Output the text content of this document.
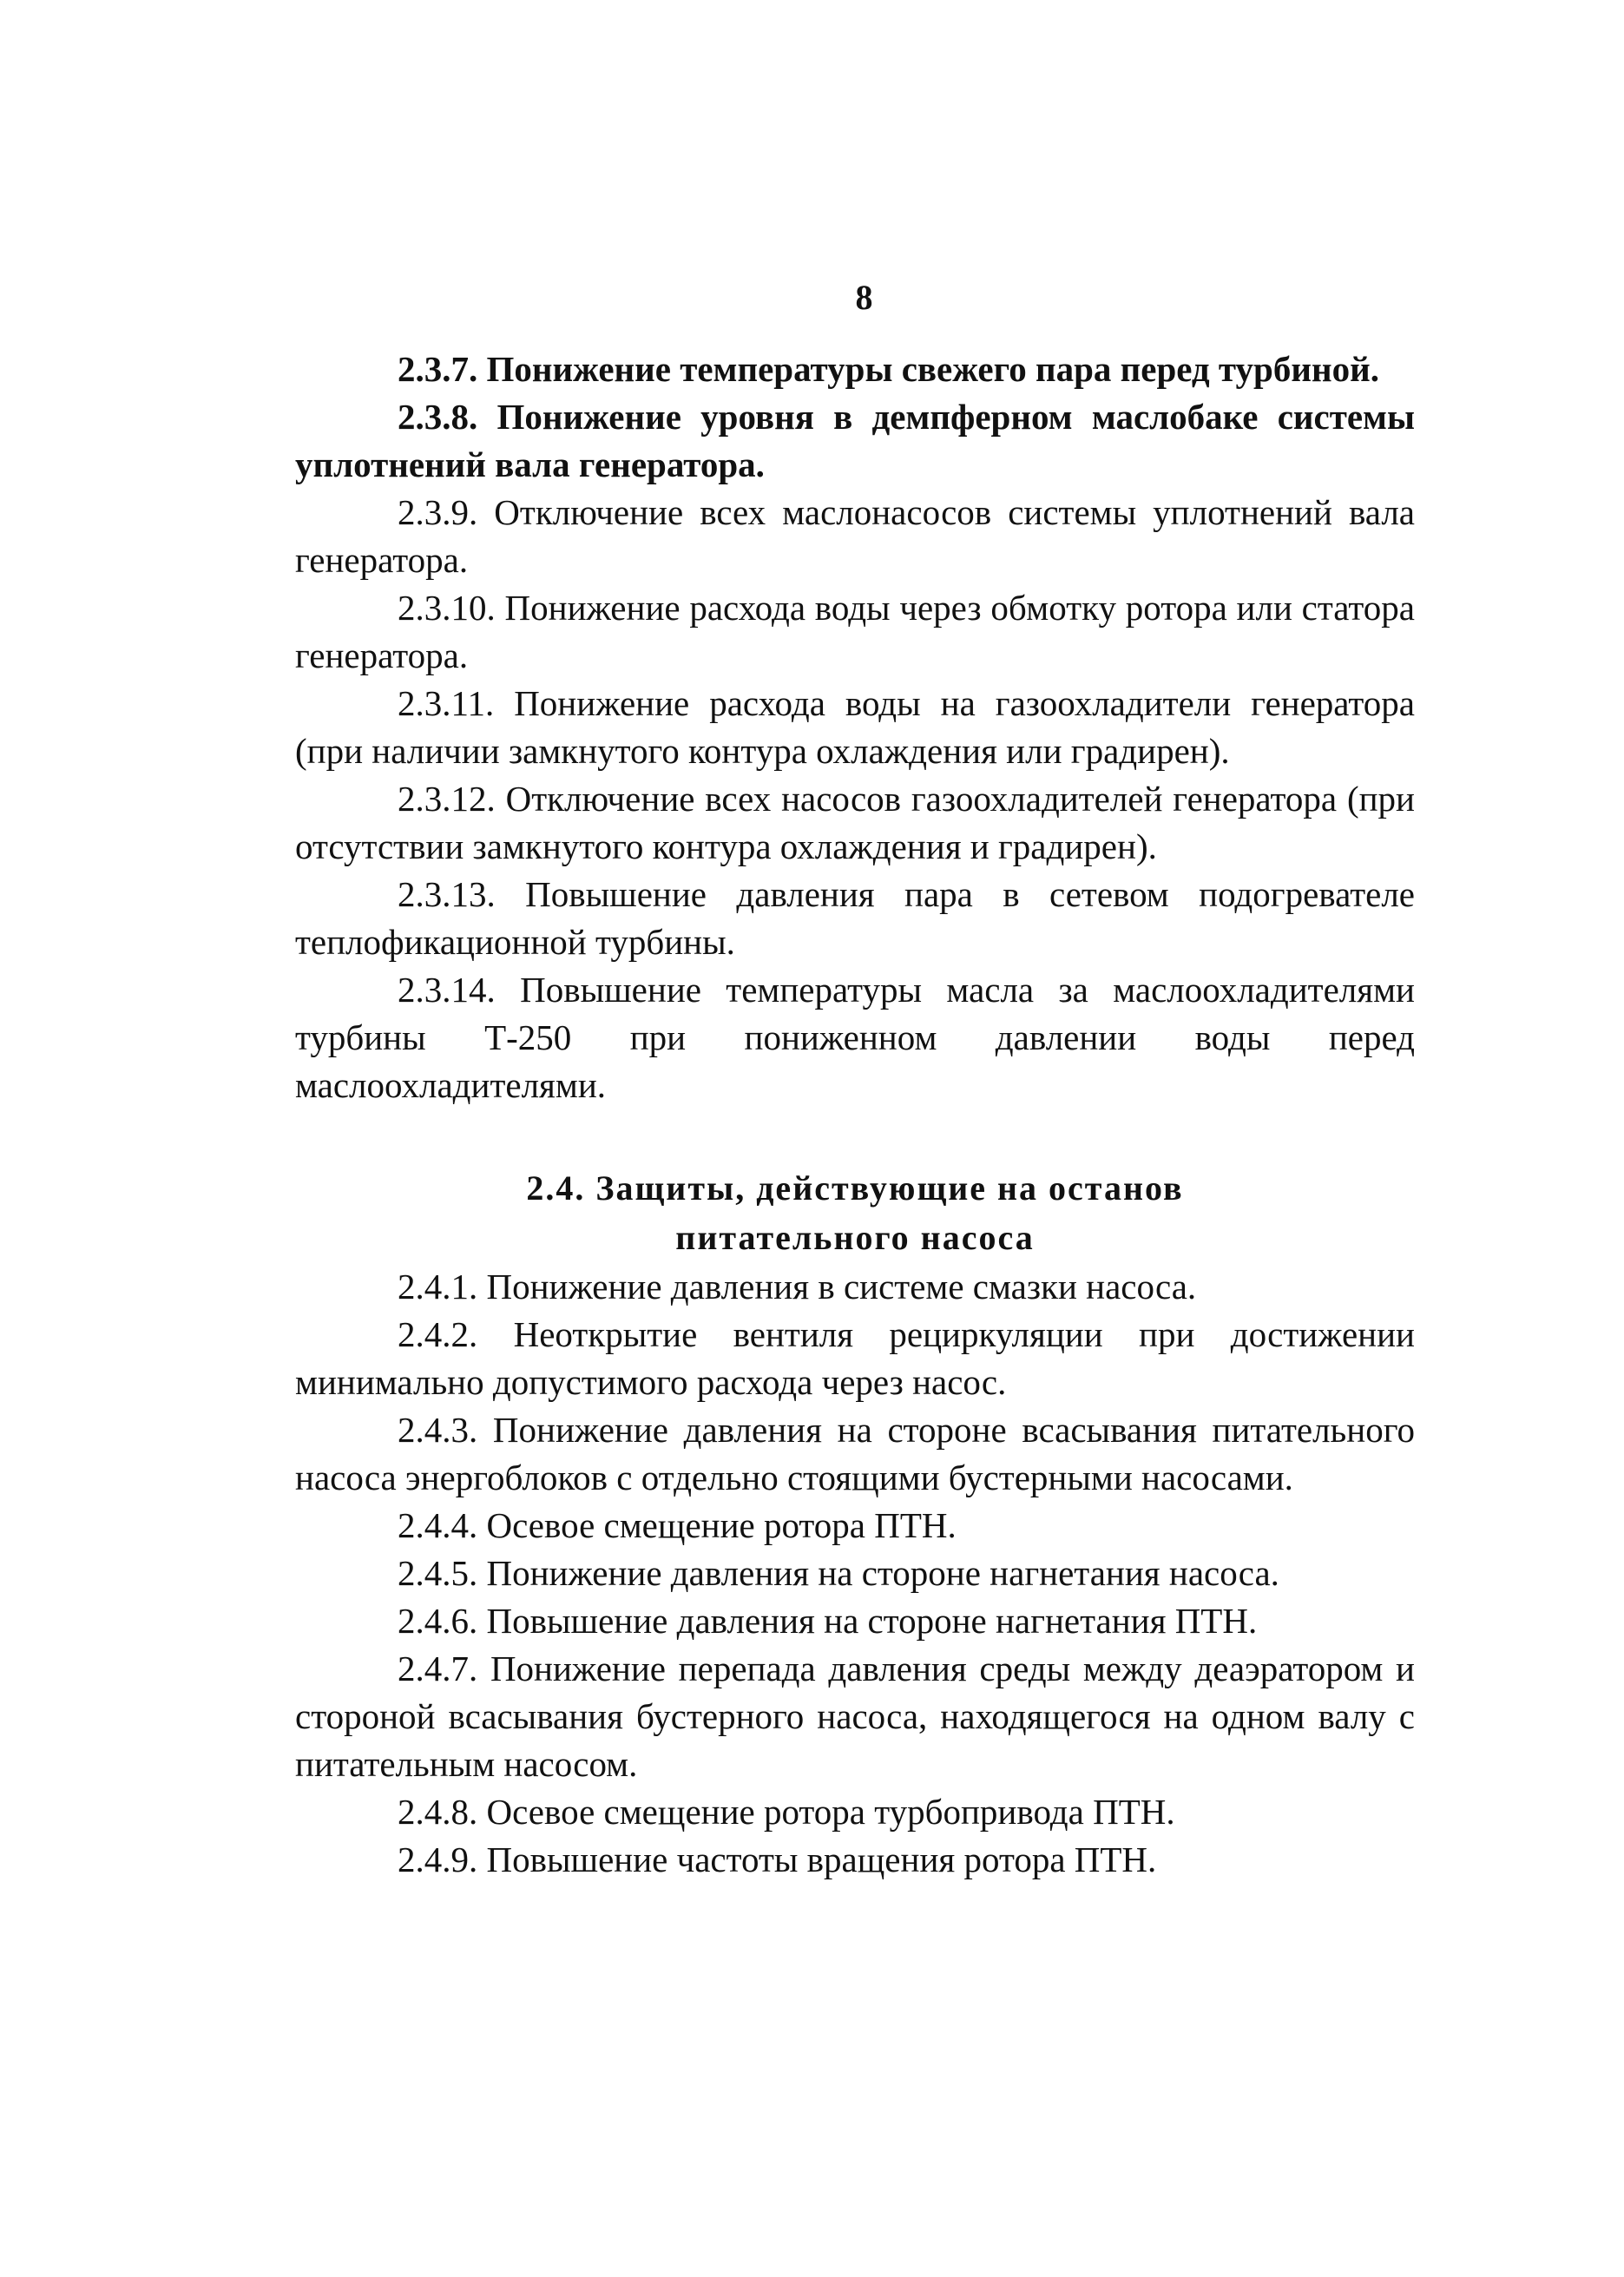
8

2.3.7. Понижение температуры свежего пара перед турбиной.

2.3.8. Понижение уровня в демпферном маслобаке системы уплотнений вала генератора.

2.3.9. Отключение всех маслонасосов системы уплотнений вала генератора.

2.3.10. Понижение расхода воды через обмотку ротора или статора генератора.

2.3.11. Понижение расхода воды на газоохладители генератора (при наличии замкнутого контура охлаждения или градирен).

2.3.12. Отключение всех насосов газоохладителей генератора (при отсутствии замкнутого контура охлаждения и градирен).

2.3.13. Повышение давления пара в сетевом подогревателе теплофикационной турбины.

2.3.14. Повышение температуры масла за маслоохладителями турбины Т-250 при пониженном давлении воды перед маслоохладителями.

2.4. Защиты, действующие на останов
питательного насоса

2.4.1. Понижение давления в системе смазки насоса.

2.4.2. Неоткрытие вентиля рециркуляции при достижении минимально допустимого расхода через насос.

2.4.3. Понижение давления на стороне всасывания питательного насоса энергоблоков с отдельно стоящими бустерными насосами.

2.4.4. Осевое смещение ротора ПТН.

2.4.5. Понижение давления на стороне нагнетания насоса.

2.4.6. Повышение давления на стороне нагнетания ПТН.

2.4.7. Понижение перепада давления среды между деаэратором и стороной всасывания бустерного насоса, находящегося на одном валу с питательным насосом.

2.4.8. Осевое смещение ротора турбопривода ПТН.

2.4.9. Повышение частоты вращения ротора ПТН.
